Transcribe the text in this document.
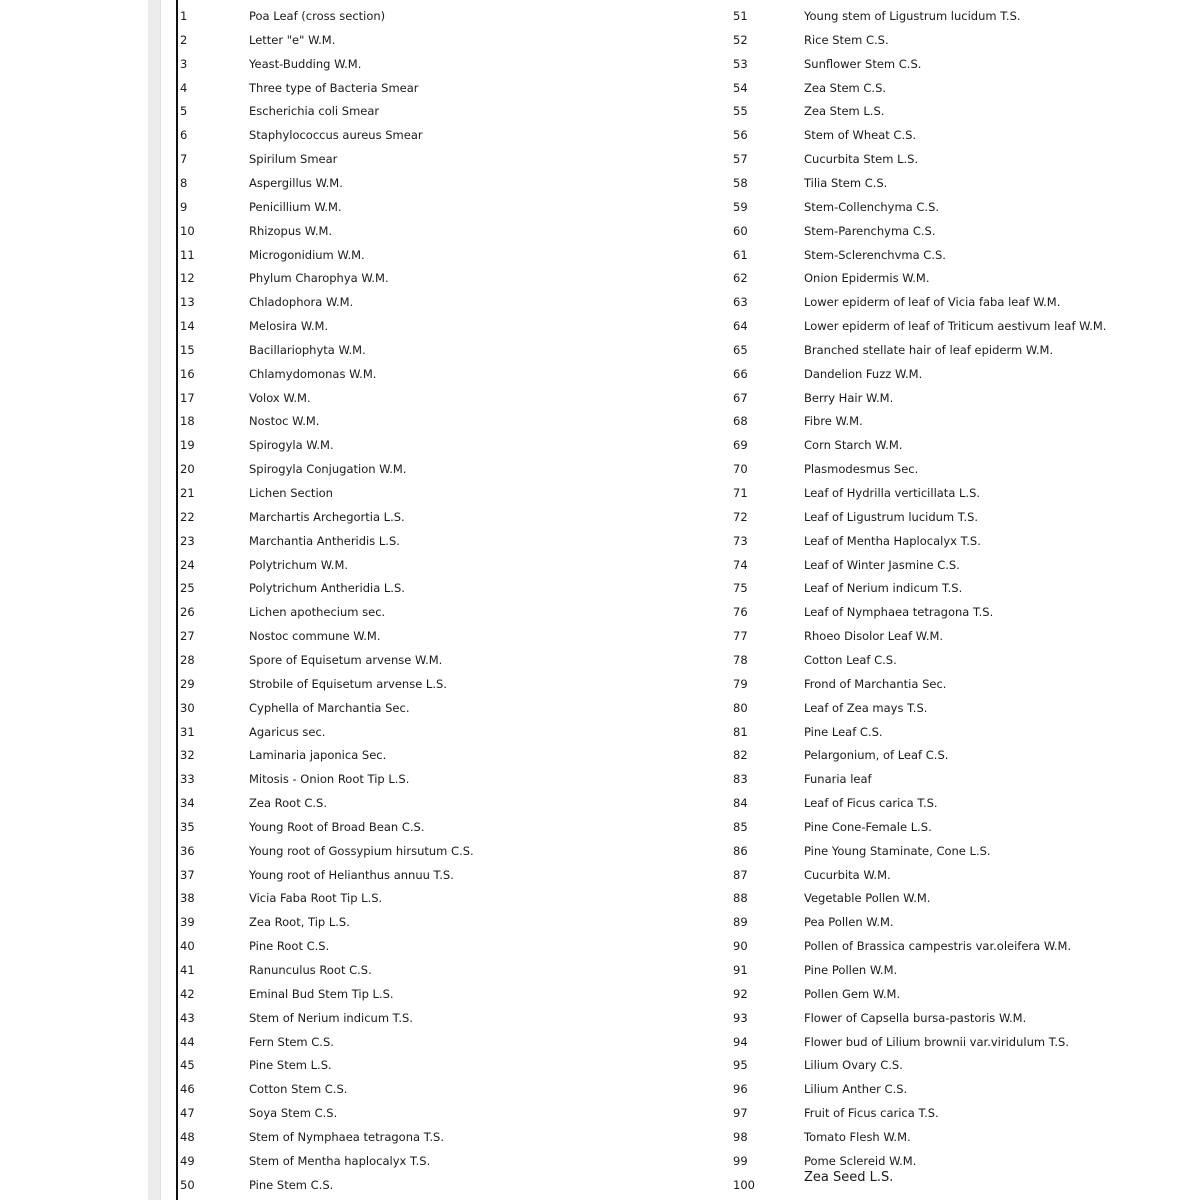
1	Poa Leaf (cross section)
2	Letter "e" W.M.
3	Yeast-Budding W.M.
4	Three type of Bacteria Smear
5	Escherichia coli Smear
6	Staphylococcus aureus Smear
7	Spirilum Smear
8	Aspergillus W.M.
9	Penicillium W.M.
10	Rhizopus W.M.
11	Microgonidium W.M.
12	Phylum Charophya W.M.
13	Chladophora W.M.
14	Melosira W.M.
15	Bacillariophyta W.M.
16	Chlamydomonas W.M.
17	Volox W.M.
18	Nostoc W.M.
19	Spirogyla W.M.
20	Spirogyla Conjugation W.M.
21	Lichen Section
22	Marchartis Archegortia L.S.
23	Marchantia Antheridis L.S.
24	Polytrichum W.M.
25	Polytrichum Antheridia L.S.
26	Lichen apothecium sec.
27	Nostoc commune W.M.
28	Spore of Equisetum arvense W.M.
29	Strobile of Equisetum arvense L.S.
30	Cyphella of Marchantia Sec.
31	Agaricus sec.
32	Laminaria japonica Sec.
33	Mitosis - Onion Root Tip L.S.
34	Zea Root C.S.
35	Young Root of Broad Bean C.S.
36	Young root of Gossypium hirsutum C.S.
37	Young root of Helianthus annuu T.S.
38	Vicia Faba Root Tip L.S.
39	Zea Root, Tip L.S.
40	Pine Root C.S.
41	Ranunculus Root C.S.
42	Eminal Bud Stem Tip L.S.
43	Stem of Nerium indicum T.S.
44	Fern Stem C.S.
45	Pine Stem L.S.
46	Cotton Stem C.S.
47	Soya Stem C.S.
48	Stem of Nymphaea tetragona T.S.
49	Stem of Mentha haplocalyx T.S.
50	Pine Stem C.S.
51	Young stem of Ligustrum lucidum T.S.
52	Rice Stem C.S.
53	Sunflower Stem C.S.
54	Zea Stem C.S.
55	Zea Stem L.S.
56	Stem of Wheat C.S.
57	Cucurbita Stem L.S.
58	Tilia Stem C.S.
59	Stem-Collenchyma C.S.
60	Stem-Parenchyma C.S.
61	Stem-Sclerenchvma C.S.
62	Onion Epidermis W.M.
63	Lower epiderm of leaf of Vicia faba leaf W.M.
64	Lower epiderm of leaf of Triticum aestivum leaf W.M.
65	Branched stellate hair of leaf epiderm W.M.
66	Dandelion Fuzz W.M.
67	Berry Hair W.M.
68	Fibre W.M.
69	Corn Starch W.M.
70	Plasmodesmus Sec.
71	Leaf of Hydrilla verticillata L.S.
72	Leaf of Ligustrum lucidum T.S.
73	Leaf of Mentha Haplocalyx T.S.
74	Leaf of Winter Jasmine C.S.
75	Leaf of Nerium indicum T.S.
76	Leaf of Nymphaea tetragona T.S.
77	Rhoeo Disolor Leaf W.M.
78	Cotton Leaf C.S.
79	Frond of Marchantia Sec.
80	Leaf of Zea mays T.S.
81	Pine Leaf C.S.
82	Pelargonium, of Leaf C.S.
83	Funaria leaf
84	Leaf of Ficus carica T.S.
85	Pine Cone-Female L.S.
86	Pine Young Staminate, Cone L.S.
87	Cucurbita W.M.
88	Vegetable Pollen W.M.
89	Pea Pollen W.M.
90	Pollen of Brassica campestris var.oleifera W.M.
91	Pine Pollen W.M.
92	Pollen Gem W.M.
93	Flower of Capsella bursa-pastoris W.M.
94	Flower bud of Lilium brownii var.viridulum T.S.
95	Lilium Ovary C.S.
96	Lilium Anther C.S.
97	Fruit of Ficus carica T.S.
98	Tomato Flesh W.M.
99	Pome Sclereid W.M.
100	Zea Seed L.S.
